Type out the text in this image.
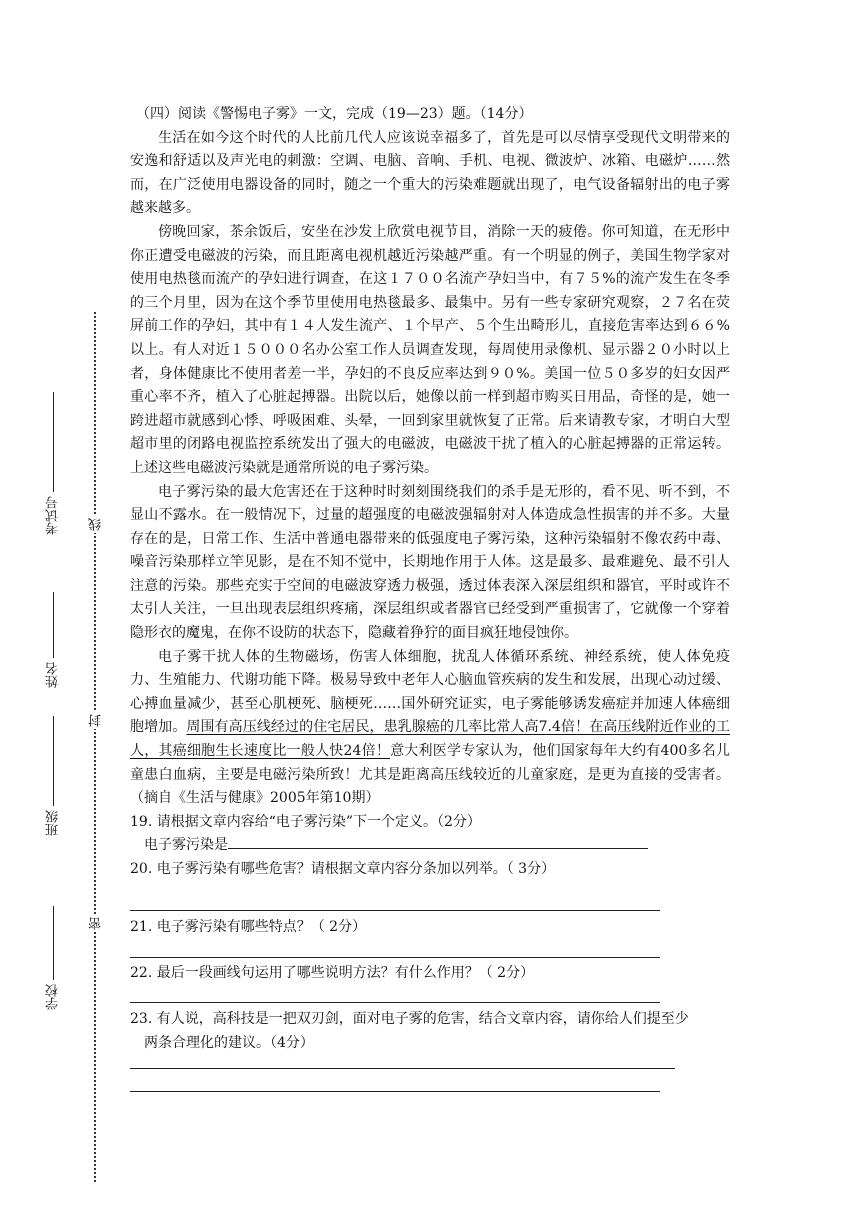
考试号
姓名
班级
学校
线
封
密

（四）阅读《警惕电子雾》一文，完成（19—23）题。（14分）

生活在如今这个时代的人比前几代人应该说幸福多了，首先是可以尽情享受现代文明带来的安逸和舒适以及声光电的刺激：空调、电脑、音响、手机、电视、微波炉、冰箱、电磁炉……然而，在广泛使用电器设备的同时，随之一个重大的污染难题就出现了，电气设备辐射出的电子雾越来越多。

傍晚回家，茶余饭后，安坐在沙发上欣赏电视节目，消除一天的疲倦。你可知道，在无形中你正遭受电磁波的污染，而且距离电视机越近污染越严重。有一个明显的例子，美国生物学家对使用电热毯而流产的孕妇进行调查，在这１７００名流产孕妇当中，有７５%的流产发生在冬季的三个月里，因为在这个季节里使用电热毯最多、最集中。另有一些专家研究观察，２７名在荧屏前工作的孕妇，其中有１４人发生流产、１个早产、５个生出畸形儿，直接危害率达到６６%以上。有人对近１５０００名办公室工作人员调查发现，每周使用录像机、显示器２０小时以上者，身体健康比不使用者差一半，孕妇的不良反应率达到９０%。美国一位５０多岁的妇女因严重心率不齐，植入了心脏起搏器。出院以后，她像以前一样到超市购买日用品，奇怪的是，她一跨进超市就感到心悸、呼吸困难、头晕，一回到家里就恢复了正常。后来请教专家，才明白大型超市里的闭路电视监控系统发出了强大的电磁波，电磁波干扰了植入的心脏起搏器的正常运转。上述这些电磁波污染就是通常所说的电子雾污染。

电子雾污染的最大危害还在于这种时时刻刻围绕我们的杀手是无形的，看不见、听不到，不显山不露水。在一般情况下，过量的超强度的电磁波强辐射对人体造成急性损害的并不多。大量存在的是，日常工作、生活中普通电器带来的低强度电子雾污染，这种污染辐射不像农药中毒、噪音污染那样立竿见影，是在不知不觉中，长期地作用于人体。这是最多、最难避免、最不引人注意的污染。那些充实于空间的电磁波穿透力极强，透过体表深入深层组织和器官，平时或许不太引人关注，一旦出现表层组织疼痛，深层组织或者器官已经受到严重损害了，它就像一个穿着隐形衣的魔鬼，在你不设防的状态下，隐藏着狰狞的面目疯狂地侵蚀你。

电子雾干扰人体的生物磁场，伤害人体细胞，扰乱人体循环系统、神经系统，使人体免疫力、生殖能力、代谢功能下降。极易导致中老年人心脑血管疾病的发生和发展，出现心动过缓、心搏血量减少，甚至心肌梗死、脑梗死……国外研究证实，电子雾能够诱发癌症并加速人体癌细胞增加。周围有高压线经过的住宅居民，患乳腺癌的几率比常人高7.4倍！在高压线附近作业的工人，其癌细胞生长速度比一般人快24倍！意大利医学专家认为，他们国家每年大约有400多名儿童患白血病，主要是电磁污染所致！尤其是距离高压线较近的儿童家庭，是更为直接的受害者。（摘自《生活与健康》2005年第10期）

19. 请根据文章内容给“电子雾污染”下一个定义。（2分）

电子雾污染是

20. 电子雾污染有哪些危害？请根据文章内容分条加以列举。（ 3分）

21. 电子雾污染有哪些特点？（ 2分）

22. 最后一段画线句运用了哪些说明方法？有什么作用？（ 2分）

23. 有人说，高科技是一把双刃剑，面对电子雾的危害，结合文章内容，请你给人们提至少
两条合理化的建议。（4分）
